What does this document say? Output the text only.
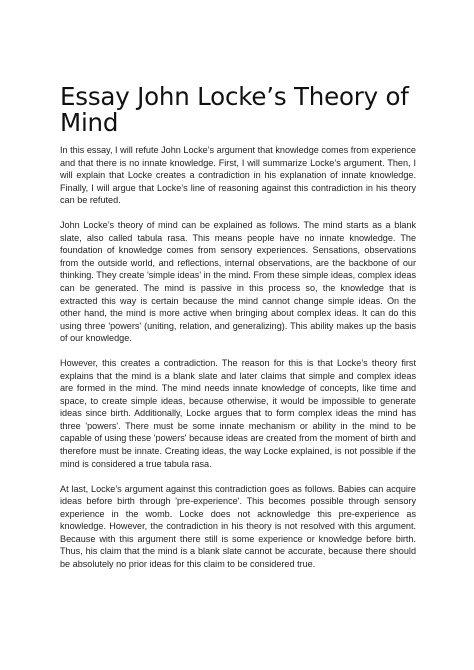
Essay John Locke’s Theory of Mind

In this essay, I will refute John Locke’s argument that knowledge comes from experience and that there is no innate knowledge. First, I will summarize Locke’s argument. Then, I will explain that Locke creates a contradiction in his explanation of innate knowledge. Finally, I will argue that Locke’s line of reasoning against this contradiction in his theory can be refuted.

John Locke’s theory of mind can be explained as follows. The mind starts as a blank slate, also called tabula rasa. This means people have no innate knowledge. The foundation of knowledge comes from sensory experiences. Sensations, observations from the outside world, and reflections, internal observations, are the backbone of our thinking. They create 'simple ideas' in the mind. From these simple ideas, complex ideas can be generated. The mind is passive in this process so, the knowledge that is extracted this way is certain because the mind cannot change simple ideas. On the other hand, the mind is more active when bringing about complex ideas. It can do this using three 'powers' (uniting, relation, and generalizing). This ability makes up the basis of our knowledge.

However, this creates a contradiction. The reason for this is that Locke’s theory first explains that the mind is a blank slate and later claims that simple and complex ideas are formed in the mind. The mind needs innate knowledge of concepts, like time and space, to create simple ideas, because otherwise, it would be impossible to generate ideas since birth. Additionally, Locke argues that to form complex ideas the mind has three 'powers'. There must be some innate mechanism or ability in the mind to be capable of using these 'powers' because ideas are created from the moment of birth and therefore must be innate. Creating ideas, the way Locke explained, is not possible if the mind is considered a true tabula rasa.

At last, Locke’s argument against this contradiction goes as follows. Babies can acquire ideas before birth through 'pre-experience'. This becomes possible through sensory experience in the womb. Locke does not acknowledge this pre-experience as knowledge. However, the contradiction in his theory is not resolved with this argument. Because with this argument there still is some experience or knowledge before birth. Thus, his claim that the mind is a blank slate cannot be accurate, because there should be absolutely no prior ideas for this claim to be considered true.
